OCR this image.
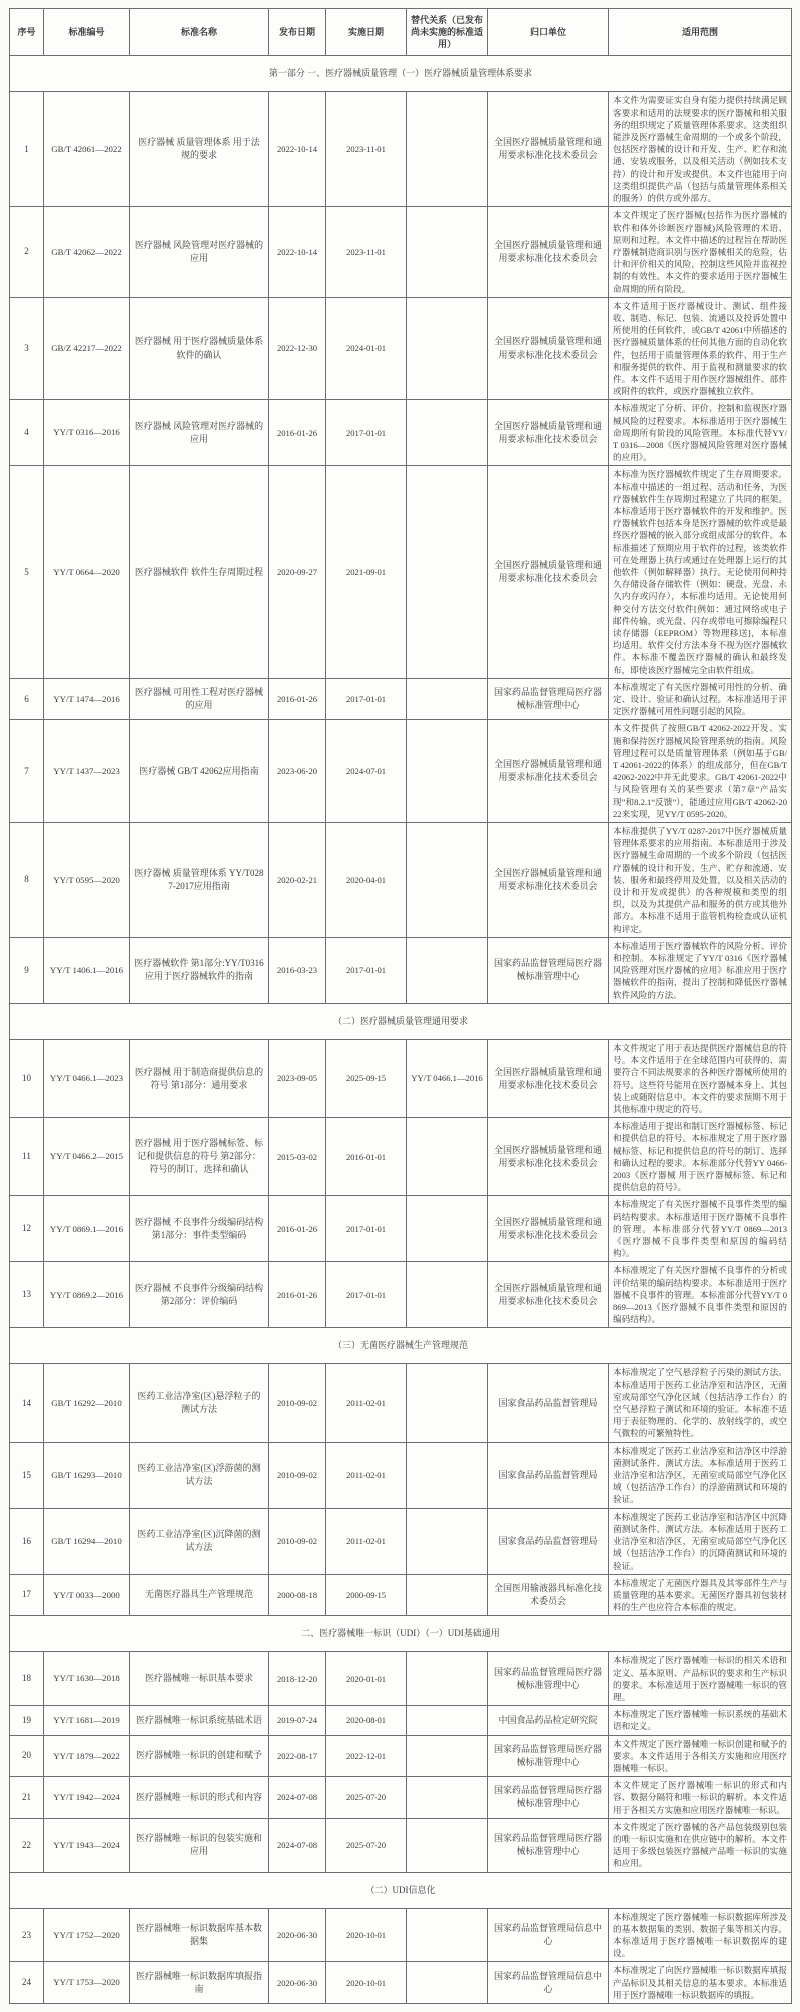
序号	标准编号	标准名称	发布日期	实施日期	替代关系（已发布尚未实施的标准适用）	归口单位	适用范围
第一部分 一、医疗器械质量管理（一）医疗器械质量管理体系要求							
1	GB/T 42061—2022	医疗器械 质量管理体系 用于法规的要求	2022-10-14	2023-11-01		全国医疗器械质量管理和通用要求标准化技术委员会	本文件为需要证实自身有能力提供持续满足顾客要求和适用的法规要求的医疗器械和相关服务的组织规定了质量管理体系要求。这类组织能涉及医疗器械生命周期的一个或多个阶段，包括医疗器械的设计和开发、生产、贮存和流通、安装或服务，以及相关活动（例如技术支持）的设计和开发或提供。本文件也能用于向这类组织提供产品（包括与质量管理体系相关的服务）的供方或外部方。
2	GB/T 42062—2022	医疗器械 风险管理对医疗器械的应用	2022-10-14	2023-11-01		全国医疗器械质量管理和通用要求标准化技术委员会	本文件规定了医疗器械(包括作为医疗器械的软件和体外诊断医疗器械)风险管理的术语、原则和过程。本文件中描述的过程旨在帮助医疗器械制造商识别与医疗器械相关的危险，估计和评价相关的风险，控制这些风险并监视控制的有效性。本文件的要求适用于医疗器械生命周期的所有阶段。
3	GB/Z 42217—2022	医疗器械 用于医疗器械质量体系软件的确认	2022-12-30	2024-01-01		全国医疗器械质量管理和通用要求标准化技术委员会	本文件适用于医疗器械设计、测试、组件接收、制造、标记、包装、流通以及投诉处置中所使用的任何软件，或GB/T 42061中所描述的医疗器械质量体系的任何其他方面的自动化软件，包括用于质量管理体系的软件、用于生产和服务提供的软件、用于监视和测量要求的软件。本文件不适用于用作医疗器械组件、部件或附件的软件，或医疗器械独立软件。
4	YY/T 0316—2016	医疗器械 风险管理对医疗器械的应用	2016-01-26	2017-01-01		全国医疗器械质量管理和通用要求标准化技术委员会	本标准规定了分析、评价、控制和监视医疗器械风险的过程要求。本标准适用于医疗器械生命周期所有阶段的风险管理。本标准代替YY/T 0316—2008《医疗器械风险管理对医疗器械的应用》。
5	YY/T 0664—2020	医疗器械软件 软件生存周期过程	2020-09-27	2021-09-01		全国医疗器械质量管理和通用要求标准化技术委员会	本标准为医疗器械软件规定了生存周期要求。本标准中描述的一组过程、活动和任务，为医疗器械软件生存周期过程建立了共同的框架。本标准适用于医疗器械软件的开发和维护。医疗器械软件包括本身是医疗器械的软件或是最终医疗器械的嵌入部分或组成部分的软件。本标准描述了预期应用于软件的过程，该类软件可在处理器上执行或通过在处理器上运行的其他软件（例如解释器）执行。无论使用何种持久存储设备存储软件（例如：硬盘、光盘、永久内存或闪存），本标准均适用。无论使用何种交付方法交付软件[例如：通过网络或电子邮件传输，或光盘、闪存或带电可擦除编程只读存储器（EEPROM）等物理移送]，本标准均适用。软件交付方法本身不视为医疗器械软件。本标准不覆盖医疗器械的确认和最终发布，即使该医疗器械完全由软件组成。
6	YY/T 1474—2016	医疗器械 可用性工程对医疗器械的应用	2016-01-26	2017-01-01		国家药品监督管理局医疗器械标准管理中心	本标准规定了有关医疗器械可用性的分析、确定、设计、验证和确认过程。本标准适用于评定医疗器械可用性问题引起的风险。
7	YY/T 1437—2023	医疗器械 GB/T 42062应用指南	2023-06-20	2024-07-01		全国医疗器械质量管理和通用要求标准化技术委员会	本文件提供了按照GB/T 42062-2022开发、实施和保持医疗器械风险管理系统的指南。风险管理过程可以是质量管理体系（例如基于GB/T 42061-2022的体系）的组成部分，但在GB/T 42062-2022中并无此要求。GB/T 42061-2022中与风险管理有关的某些要求（第7章“产品实现”和8.2.1“反馈”），能通过应用GB/T 42062-2022来实现，见YY/T 0595-2020。
8	YY/T 0595—2020	医疗器械 质量管理体系 YY/T0287-2017应用指南	2020-02-21	2020-04-01		全国医疗器械质量管理和通用要求标准化技术委员会	本标准提供了YY/T 0287-2017中医疗器械质量管理体系要求的应用指南。本标准适用于涉及医疗器械生命周期的一个或多个阶段（包括医疗器械的设计和开发、生产、贮存和流通、安装、服务和最终停用及处置，以及相关活动的设计和开发或提供）的各种规模和类型的组织，以及为其提供产品和服务的供方或其他外部方。本标准不适用于监管机构检查或认证机构评定。
9	YY/T 1406.1—2016	医疗器械软件 第1部分:YY/T0316应用于医疗器械软件的指南	2016-03-23	2017-01-01		国家药品监督管理局医疗器械标准管理中心	本标准适用于医疗器械软件的风险分析、评价和控制。本标准规定了YY/T 0316《医疗器械风险管理对医疗器械的应用》标准应用于医疗器械软件的指南，提出了控制和降低医疗器械软件风险的方法。
（二）医疗器械质量管理通用要求							
10	YY/T 0466.1—2023	医疗器械 用于制造商提供信息的符号 第1部分：通用要求	2023-09-05	2025-09-15	YY/T 0466.1—2016	全国医疗器械质量管理和通用要求标准化技术委员会	本文件规定了用于表达提供医疗器械信息的符号。本文件适用于在全球范围内可获得的、需要符合不同法规要求的各种医疗器械所使用的符号。这些符号能用在医疗器械本身上、其包装上或随附信息中。本文件的要求预期不用于其他标准中规定的符号。
11	YY/T 0466.2—2015	医疗器械 用于医疗器械标签、标记和提供信息的符号 第2部分：符号的制订、选择和确认	2015-03-02	2016-01-01		全国医疗器械质量管理和通用要求标准化技术委员会	本标准适用于提出和制订医疗器械标签、标记和提供信息的符号。本标准规定了用于医疗器械标签、标记和提供信息的符号的制订、选择和确认过程的要求。本标准部分代替YY 0466-2003《医疗器械 用于医疗器械标签、标记和提供信息的符号》。
12	YY/T 0869.1—2016	医疗器械 不良事件分级编码结构 第1部分：事件类型编码	2016-01-26	2017-01-01		全国医疗器械质量管理和通用要求标准化技术委员会	本标准规定了有关医疗器械不良事件类型的编码结构要求。本标准适用于医疗器械不良事件的管理。本标准部分代替YY/T 0869—2013《医疗器械不良事件类型和原因的编码结构》。
13	YY/T 0869.2—2016	医疗器械 不良事件分级编码结构 第2部分：评价编码	2016-01-26	2017-01-01		全国医疗器械质量管理和通用要求标准化技术委员会	本标准规定了有关医疗器械不良事件的分析或评价结果的编码结构要求。本标准适用于医疗器械不良事件的管理。本标准部分代替YY/T 0869—2013《医疗器械不良事件类型和原因的编码结构》。
（三）无菌医疗器械生产管理规范							
14	GB/T 16292—2010	医药工业洁净室(区)悬浮粒子的测试方法	2010-09-02	2011-02-01		国家食品药品监督管理局	本标准规定了空气悬浮粒子污染的测试方法。本标准适用于医药工业洁净室和洁净区，无菌室或局部空气净化区域（包括洁净工作台）的空气悬浮粒子测试和环境的验证。本标准不适用于表征物理的、化学的、放射线学的，或空气微粒的可繁殖特性。
15	GB/T 16293—2010	医药工业洁净室(区)浮游菌的测试方法	2010-09-02	2011-02-01		国家食品药品监督管理局	本标准规定了医药工业洁净室和洁净区中浮游菌测试条件、测试方法。本标准适用于医药工业洁净室和洁净区，无菌室或局部空气净化区域（包括洁净工作台）的浮游菌测试和环境的验证。
16	GB/T 16294—2010	医药工业洁净室(区)沉降菌的测试方法	2010-09-02	2011-02-01		国家食品药品监督管理局	本标准规定了医药工业洁净室和洁净区中沉降菌测试条件、测试方法。本标准适用于医药工业洁净室和洁净区，无菌室或局部空气净化区域（包括洁净工作台）的沉降菌测试和环境的验证。
17	YY/T 0033—2000	无菌医疗器具生产管理规范	2000-08-18	2000-09-15		全国医用输液器具标准化技术委员会	本标准规定了无菌医疗器具及其零部件生产与质量管理的基本要求。无菌医疗器具初包装材料的生产也应符合本标准的规定。
二、医疗器械唯一标识（UDI）（一）UDI基础通用							
18	YY/T 1630—2018	医疗器械唯一标识基本要求	2018-12-20	2020-01-01		国家药品监督管理局医疗器械标准管理中心	本标准规定了医疗器械唯一标识的相关术语和定义、基本原则、产品标识的要求和生产标识的要求。本标准适用于医疗器械唯一标识的管理。
19	YY/T 1681—2019	医疗器械唯一标识系统基础术语	2019-07-24	2020-08-01		中国食品药品检定研究院	本标准规定了医疗器械唯一标识系统的基础术语和定义。
20	YY/T 1879—2022	医疗器械唯一标识的创建和赋予	2022-08-17	2022-12-01		国家药品监督管理局医疗器械标准管理中心	本文件规定了医疗器械唯一标识创建和赋予的要求。本文件适用于各相关方实施和应用医疗器械唯一标识。
21	YY/T 1942—2024	医疗器械唯一标识的形式和内容	2024-07-08	2025-07-20		国家药品监督管理局医疗器械标准管理中心	本文件规定了医疗器械唯一标识的形式和内容、数据分隔符和唯一标识的解析。本文件适用于各相关方实施和应用医疗器械唯一标识。
22	YY/T 1943—2024	医疗器械唯一标识的包装实施和应用	2024-07-08	2025-07-20		国家药品监督管理局医疗器械标准管理中心	本文件规定了医疗器械的各产品包装级别包装的唯一标识实施和在供应链中的解析。本文件适用于多级包装医疗器械产品唯一标识的实施和应用。
（二）UDI信息化							
23	YY/T 1752—2020	医疗器械唯一标识数据库基本数据集	2020-06-30	2020-10-01		国家药品监督管理局信息中心	本标准规定了医疗器械唯一标识数据库所涉及的基本数据集的类别、数据子集等相关内容。本标准适用于医疗器械唯一标识数据库的建设。
24	YY/T 1753—2020	医疗器械唯一标识数据库填报指南	2020-06-30	2020-10-01		国家药品监督管理局信息中心	本标准规定了向医疗器械唯一标识数据库填报产品标识及其相关信息的基本要求。本标准适用于医疗器械唯一标识数据库的填报。
